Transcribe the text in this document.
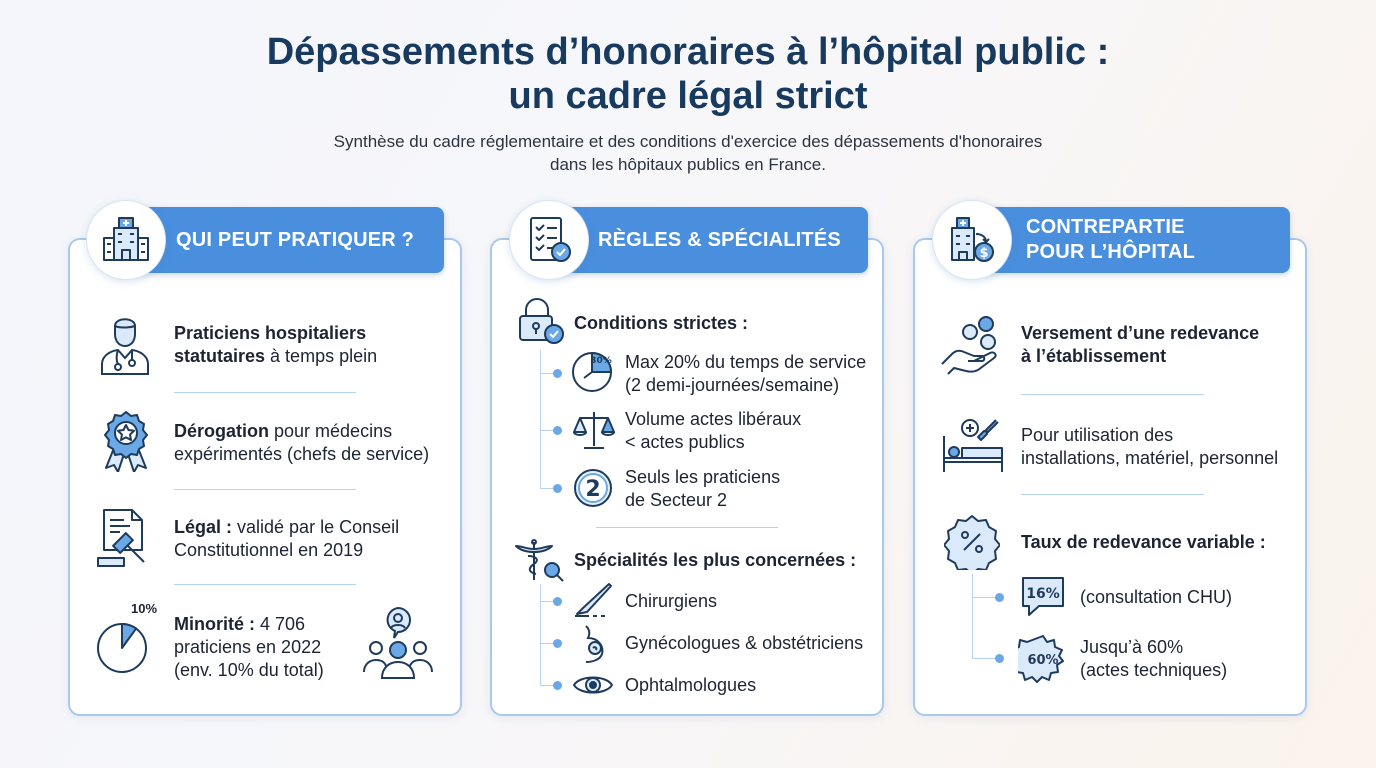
Dépassements d’honoraires à l’hôpital public :
un cadre légal strict
Synthèse du cadre réglementaire et des conditions d'exercice des dépassements d'honoraires
dans les hôpitaux publics en France.
QUI PEUT PRATIQUER ?	RÈGLES & SPÉCIALITÉS
CONTREPARTIE
POUR L’HÔPITAL
$
Praticiens hospitaliers
statutaires à temps plein
Dérogation pour médecins
expérimentés (chefs de service)
Légal : validé par le Conseil
Constitutionnel en 2019
10%
Minorité : 4 706
praticiens en 2022
(env. 10% du total)
Conditions strictes :
30% Max 20% du temps de service
(2 demi-journées/semaine)
Volume actes libéraux
< actes publics
2 Seuls les praticiens
de Secteur 2
Spécialités les plus concernées :
Chirurgiens
Gynécologues & obstétriciens
Ophtalmologues
Versement d’une redevance
à l’établissement
Pour utilisation des
installations, matériel, personnel
Taux de redevance variable :
16% (consultation CHU)
60%
Jusqu’à 60%
(actes techniques)
